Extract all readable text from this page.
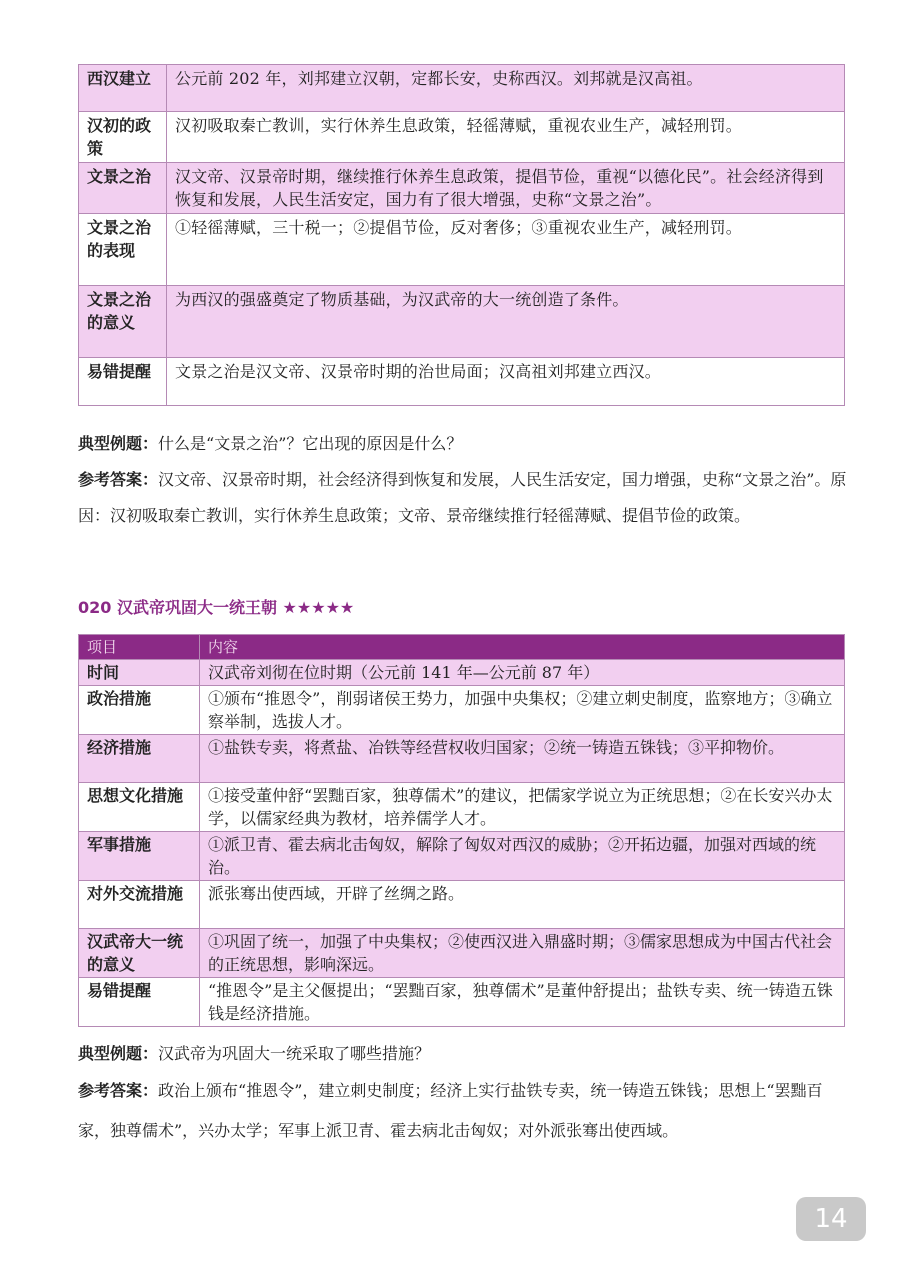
西汉建立	公元前 202 年，刘邦建立汉朝，定都长安，史称西汉。刘邦就是汉高祖。
汉初的政策	汉初吸取秦亡教训，实行休养生息政策，轻徭薄赋，重视农业生产，减轻刑罚。
文景之治	汉文帝、汉景帝时期，继续推行休养生息政策，提倡节俭，重视“以德化民”。社会经济得到恢复和发展，人民生活安定，国力有了很大增强，史称“文景之治”。
文景之治的表现	①轻徭薄赋，三十税一；②提倡节俭，反对奢侈；③重视农业生产，减轻刑罚。
文景之治的意义	为西汉的强盛奠定了物质基础，为汉武帝的大一统创造了条件。
易错提醒	文景之治是汉文帝、汉景帝时期的治世局面；汉高祖刘邦建立西汉。
典型例题：什么是“文景之治”？它出现的原因是什么？
参考答案：汉文帝、汉景帝时期，社会经济得到恢复和发展，人民生活安定，国力增强，史称“文景之治”。原因：汉初吸取秦亡教训，实行休养生息政策；文帝、景帝继续推行轻徭薄赋、提倡节俭的政策。
020 汉武帝巩固大一统王朝 ★★★★★
项目	内容
时间	汉武帝刘彻在位时期（公元前 141 年—公元前 87 年）
政治措施	①颁布“推恩令”，削弱诸侯王势力，加强中央集权；②建立刺史制度，监察地方；③确立察举制，选拔人才。
经济措施	①盐铁专卖，将煮盐、冶铁等经营权收归国家；②统一铸造五铢钱；③平抑物价。
思想文化措施	①接受董仲舒“罢黜百家，独尊儒术”的建议，把儒家学说立为正统思想；②在长安兴办太学，以儒家经典为教材，培养儒学人才。
军事措施	①派卫青、霍去病北击匈奴，解除了匈奴对西汉的威胁；②开拓边疆，加强对西域的统治。
对外交流措施	派张骞出使西域，开辟了丝绸之路。
汉武帝大一统的意义	①巩固了统一，加强了中央集权；②使西汉进入鼎盛时期；③儒家思想成为中国古代社会的正统思想，影响深远。
易错提醒	“推恩令”是主父偃提出；“罢黜百家，独尊儒术”是董仲舒提出；盐铁专卖、统一铸造五铢钱是经济措施。
典型例题：汉武帝为巩固大一统采取了哪些措施？
参考答案：政治上颁布“推恩令”，建立刺史制度；经济上实行盐铁专卖，统一铸造五铢钱；思想上“罢黜百家，独尊儒术”，兴办太学；军事上派卫青、霍去病北击匈奴；对外派张骞出使西域。
14
